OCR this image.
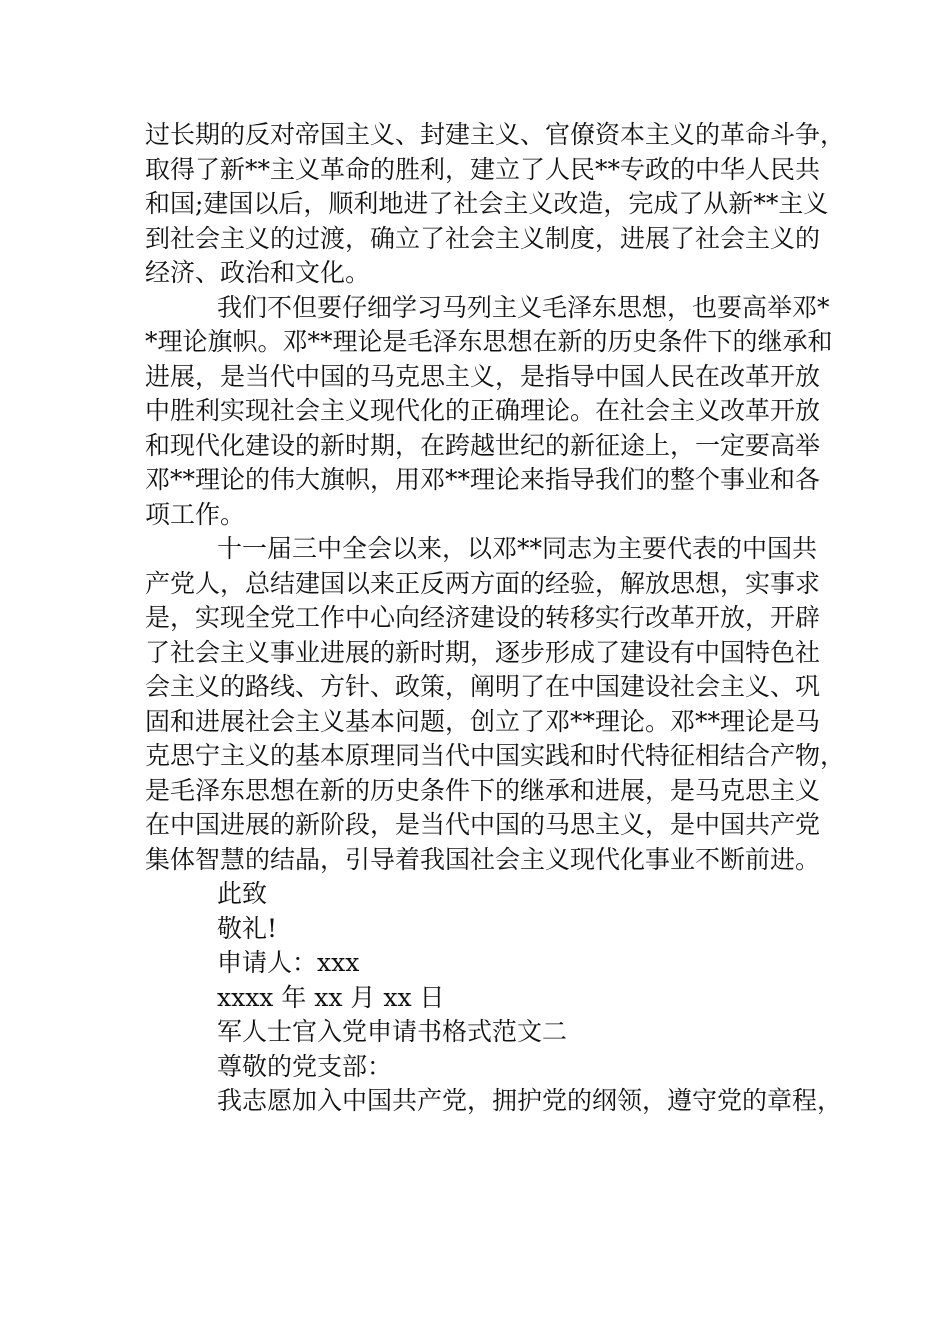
过长期的反对帝国主义、封建主义、官僚资本主义的革命斗争，
取得了新**主义革命的胜利，建立了人民**专政的中华人民共
和国;建国以后，顺利地进了社会主义改造，完成了从新**主义
到社会主义的过渡，确立了社会主义制度，进展了社会主义的
经济、政治和文化。
我们不但要仔细学习马列主义毛泽东思想，也要高举邓*
*理论旗帜。邓**理论是毛泽东思想在新的历史条件下的继承和
进展，是当代中国的马克思主义，是指导中国人民在改革开放
中胜利实现社会主义现代化的正确理论。在社会主义改革开放
和现代化建设的新时期，在跨越世纪的新征途上，一定要高举
邓**理论的伟大旗帜，用邓**理论来指导我们的整个事业和各
项工作。
十一届三中全会以来，以邓**同志为主要代表的中国共
产党人，总结建国以来正反两方面的经验，解放思想，实事求
是，实现全党工作中心向经济建设的转移实行改革开放，开辟
了社会主义事业进展的新时期，逐步形成了建设有中国特色社
会主义的路线、方针、政策，阐明了在中国建设社会主义、巩
固和进展社会主义基本问题，创立了邓**理论。邓**理论是马
克思宁主义的基本原理同当代中国实践和时代特征相结合产物，
是毛泽东思想在新的历史条件下的继承和进展，是马克思主义
在中国进展的新阶段，是当代中国的马思主义，是中国共产党
集体智慧的结晶，引导着我国社会主义现代化事业不断前进。
此致
敬礼!
申请人：xxx
xxxx 年 xx 月 xx 日
军人士官入党申请书格式范文二
尊敬的党支部：
我志愿加入中国共产党，拥护党的纲领，遵守党的章程，
